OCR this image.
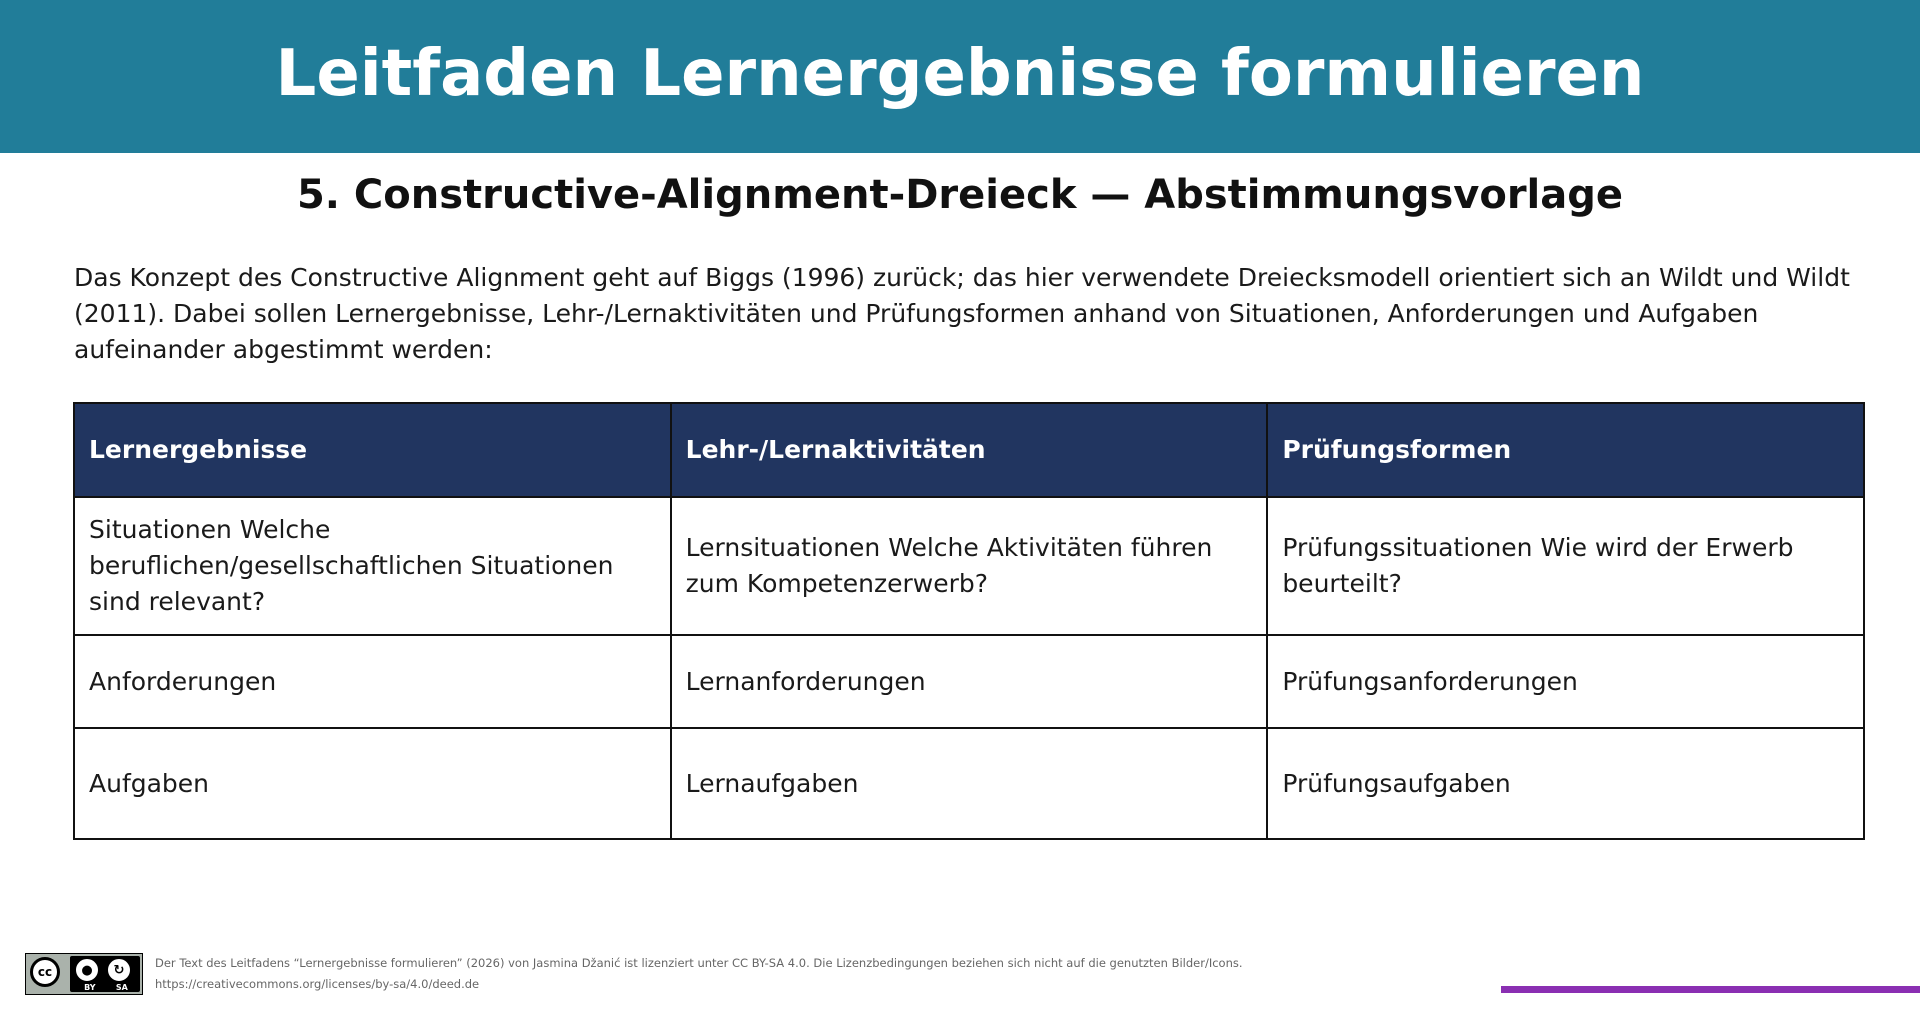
Leitfaden Lernergebnisse formulieren
5. Constructive-Alignment-Dreieck — Abstimmungsvorlage
Das Konzept des Constructive Alignment geht auf Biggs (1996) zurück; das hier verwendete Dreiecksmodell orientiert sich an Wildt und Wildt (2011). Dabei sollen Lernergebnisse, Lehr-/Lernaktivitäten und Prüfungsformen anhand von Situationen, Anforderungen und Aufgaben aufeinander abgestimmt werden:
Lernergebnisse	Lehr-/Lernaktivitäten	Prüfungsformen
Situationen Welche beruflichen/gesellschaftlichen Situationen sind relevant?	Lernsituationen Welche Aktivitäten führen zum Kompetenzerwerb?	Prüfungssituationen Wie wird der Erwerb beurteilt?
Anforderungen	Lernanforderungen	Prüfungsanforderungen
Aufgaben	Lernaufgaben	Prüfungsaufgaben
cc	●	↻
BY	SA
Der Text des Leitfadens “Lernergebnisse formulieren” (2026) von Jasmina Džanić ist lizenziert unter CC BY-SA 4.0. Die Lizenzbedingungen beziehen sich nicht auf die genutzten Bilder/Icons.
https://creativecommons.org/licenses/by-sa/4.0/deed.de
